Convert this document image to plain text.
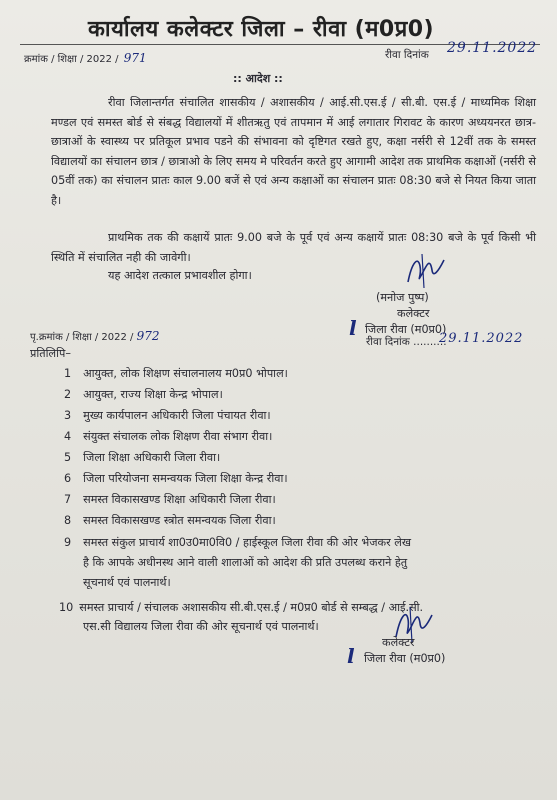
कार्यालय कलेक्टर जिला – रीवा (म0प्र0)
क्रमांक / शिक्षा / 2022 / 971	रीवा दिनांक 29.11.2022
:: आदेश ::

रीवा जिलान्तर्गत संचालित शासकीय / अशासकीय / आई.सी.एस.ई / सी.बी. एस.ई / माध्यमिक शिक्षा मण्डल एवं समस्त बोर्ड से संबद्ध विद्यालयों में शीतऋतु एवं तापमान में आई लगातार गिरावट के कारण अध्ययनरत छात्र-छात्राओं के स्वास्थ्य पर प्रतिकूल प्रभाव पडने की संभावना को दृष्टिगत रखते हुए, कक्षा नर्सरी से 12वीं तक के समस्त विद्यालयों का संचालन छात्र / छात्राओ के लिए समय मे परिवर्तन करते हुए आगामी आदेश तक प्राथमिक कक्षाओं (नर्सरी से 05वीं तक) का संचालन प्रातः काल 9.00 बजें से एवं अन्य कक्षाओं का संचालन प्रातः 08:30 बजे से नियत किया जाता है।

प्राथमिक तक की कक्षायें प्रातः 9.00 बजे के पूर्व एवं अन्य कक्षायें प्रातः 08:30 बजे के पूर्व किसी भी स्थिति में संचालित नही की जावेगी।

यह आदेश तत्काल प्रभावशील होगा।
(मनोज पुष्प)
कलेक्टर
ⅼ जिला रीवा (म0प्र0)
पृ.क्रमांक / शिक्षा / 2022 / 972	रीवा दिनांक ..........
29.11.2022
प्रतिलिपि–
1 आयुक्त, लोक शिक्षण संचालनालय म0प्र0 भोपाल।
2 आयुक्त, राज्य शिक्षा केन्द्र भोपाल।
3 मुख्य कार्यपालन अधिकारी जिला पंचायत रीवा।
4 संयुक्त संचालक लोक शिक्षण रीवा संभाग रीवा।
5 जिला शिक्षा अधिकारी जिला रीवा।
6 जिला परियोजना समन्वयक जिला शिक्षा केन्द्र रीवा।
7 समस्त विकासखण्ड शिक्षा अधिकारी जिला रीवा।
8 समस्त विकासखण्ड स्त्रोत समन्वयक जिला रीवा।
9 समस्त संकुल प्राचार्य शा0उ0मा0वि0 / हाईस्कूल जिला रीवा की ओर भेजकर लेख
है कि आपके अधीनस्थ आने वाली शालाओं को आदेश की प्रति उपलब्ध कराने हेतु
सूचनार्थ एवं पालनार्थ।
10 समस्त प्राचार्य / संचालक अशासकीय सी.बी.एस.ई / म0प्र0 बोर्ड से सम्बद्ध / आई.सी.
एस.सी विद्यालय जिला रीवा की ओर सूचनार्थ एवं पालनार्थ।
कलेक्टर
ⅼ जिला रीवा (म0प्र0)
